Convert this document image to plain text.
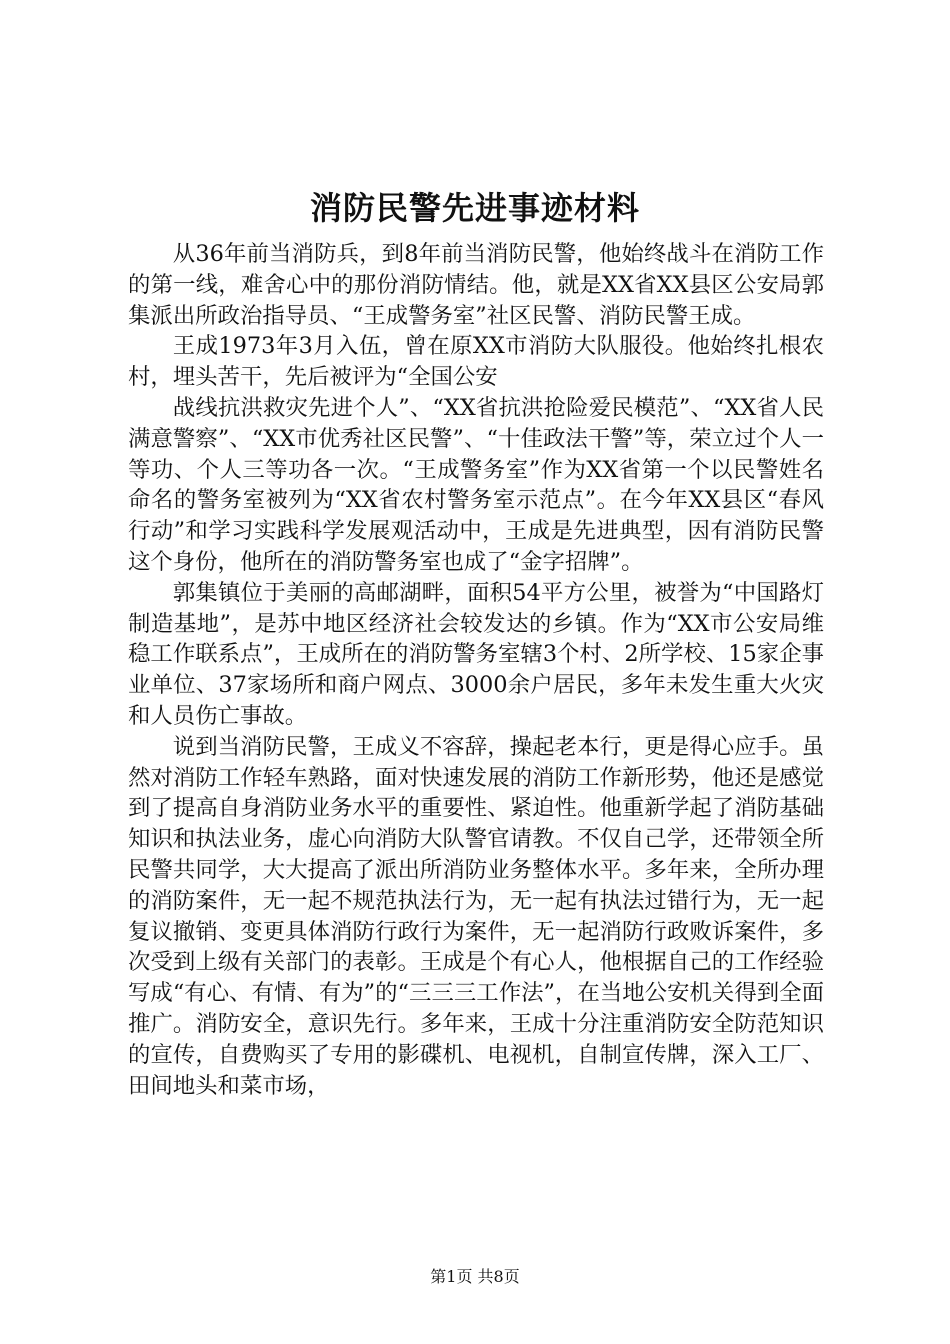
消防民警先进事迹材料

从36年前当消防兵，到8年前当消防民警，他始终战斗在消防工作的第一线，难舍心中的那份消防情结。他，就是XX省XX县区公安局郭集派出所政治指导员、“王成警务室”社区民警、消防民警王成。

王成1973年3月入伍，曾在原XX市消防大队服役。他始终扎根农村，埋头苦干，先后被评为“全国公安

战线抗洪救灾先进个人”、“XX省抗洪抢险爱民模范”、“XX省人民满意警察”、“XX市优秀社区民警”、“十佳政法干警”等，荣立过个人一等功、个人三等功各一次。“王成警务室”作为XX省第一个以民警姓名命名的警务室被列为“XX省农村警务室示范点”。在今年XX县区“春风行动”和学习实践科学发展观活动中，王成是先进典型，因有消防民警这个身份，他所在的消防警务室也成了“金字招牌”。

郭集镇位于美丽的高邮湖畔，面积54平方公里，被誉为“中国路灯制造基地”，是苏中地区经济社会较发达的乡镇。作为“XX市公安局维稳工作联系点”，王成所在的消防警务室辖3个村、2所学校、15家企事业单位、37家场所和商户网点、3000余户居民，多年未发生重大火灾和人员伤亡事故。

说到当消防民警，王成义不容辞，操起老本行，更是得心应手。虽然对消防工作轻车熟路，面对快速发展的消防工作新形势，他还是感觉到了提高自身消防业务水平的重要性、紧迫性。他重新学起了消防基础知识和执法业务，虚心向消防大队警官请教。不仅自己学，还带领全所民警共同学，大大提高了派出所消防业务整体水平。多年来，全所办理的消防案件，无一起不规范执法行为，无一起有执法过错行为，无一起复议撤销、变更具体消防行政行为案件，无一起消防行政败诉案件，多次受到上级有关部门的表彰。王成是个有心人，他根据自己的工作经验写成“有心、有情、有为”的“三三三工作法”，在当地公安机关得到全面推广。消防安全，意识先行。多年来，王成十分注重消防安全防范知识的宣传，自费购买了专用的影碟机、电视机，自制宣传牌，深入工厂、田间地头和菜市场，

第1页 共8页
